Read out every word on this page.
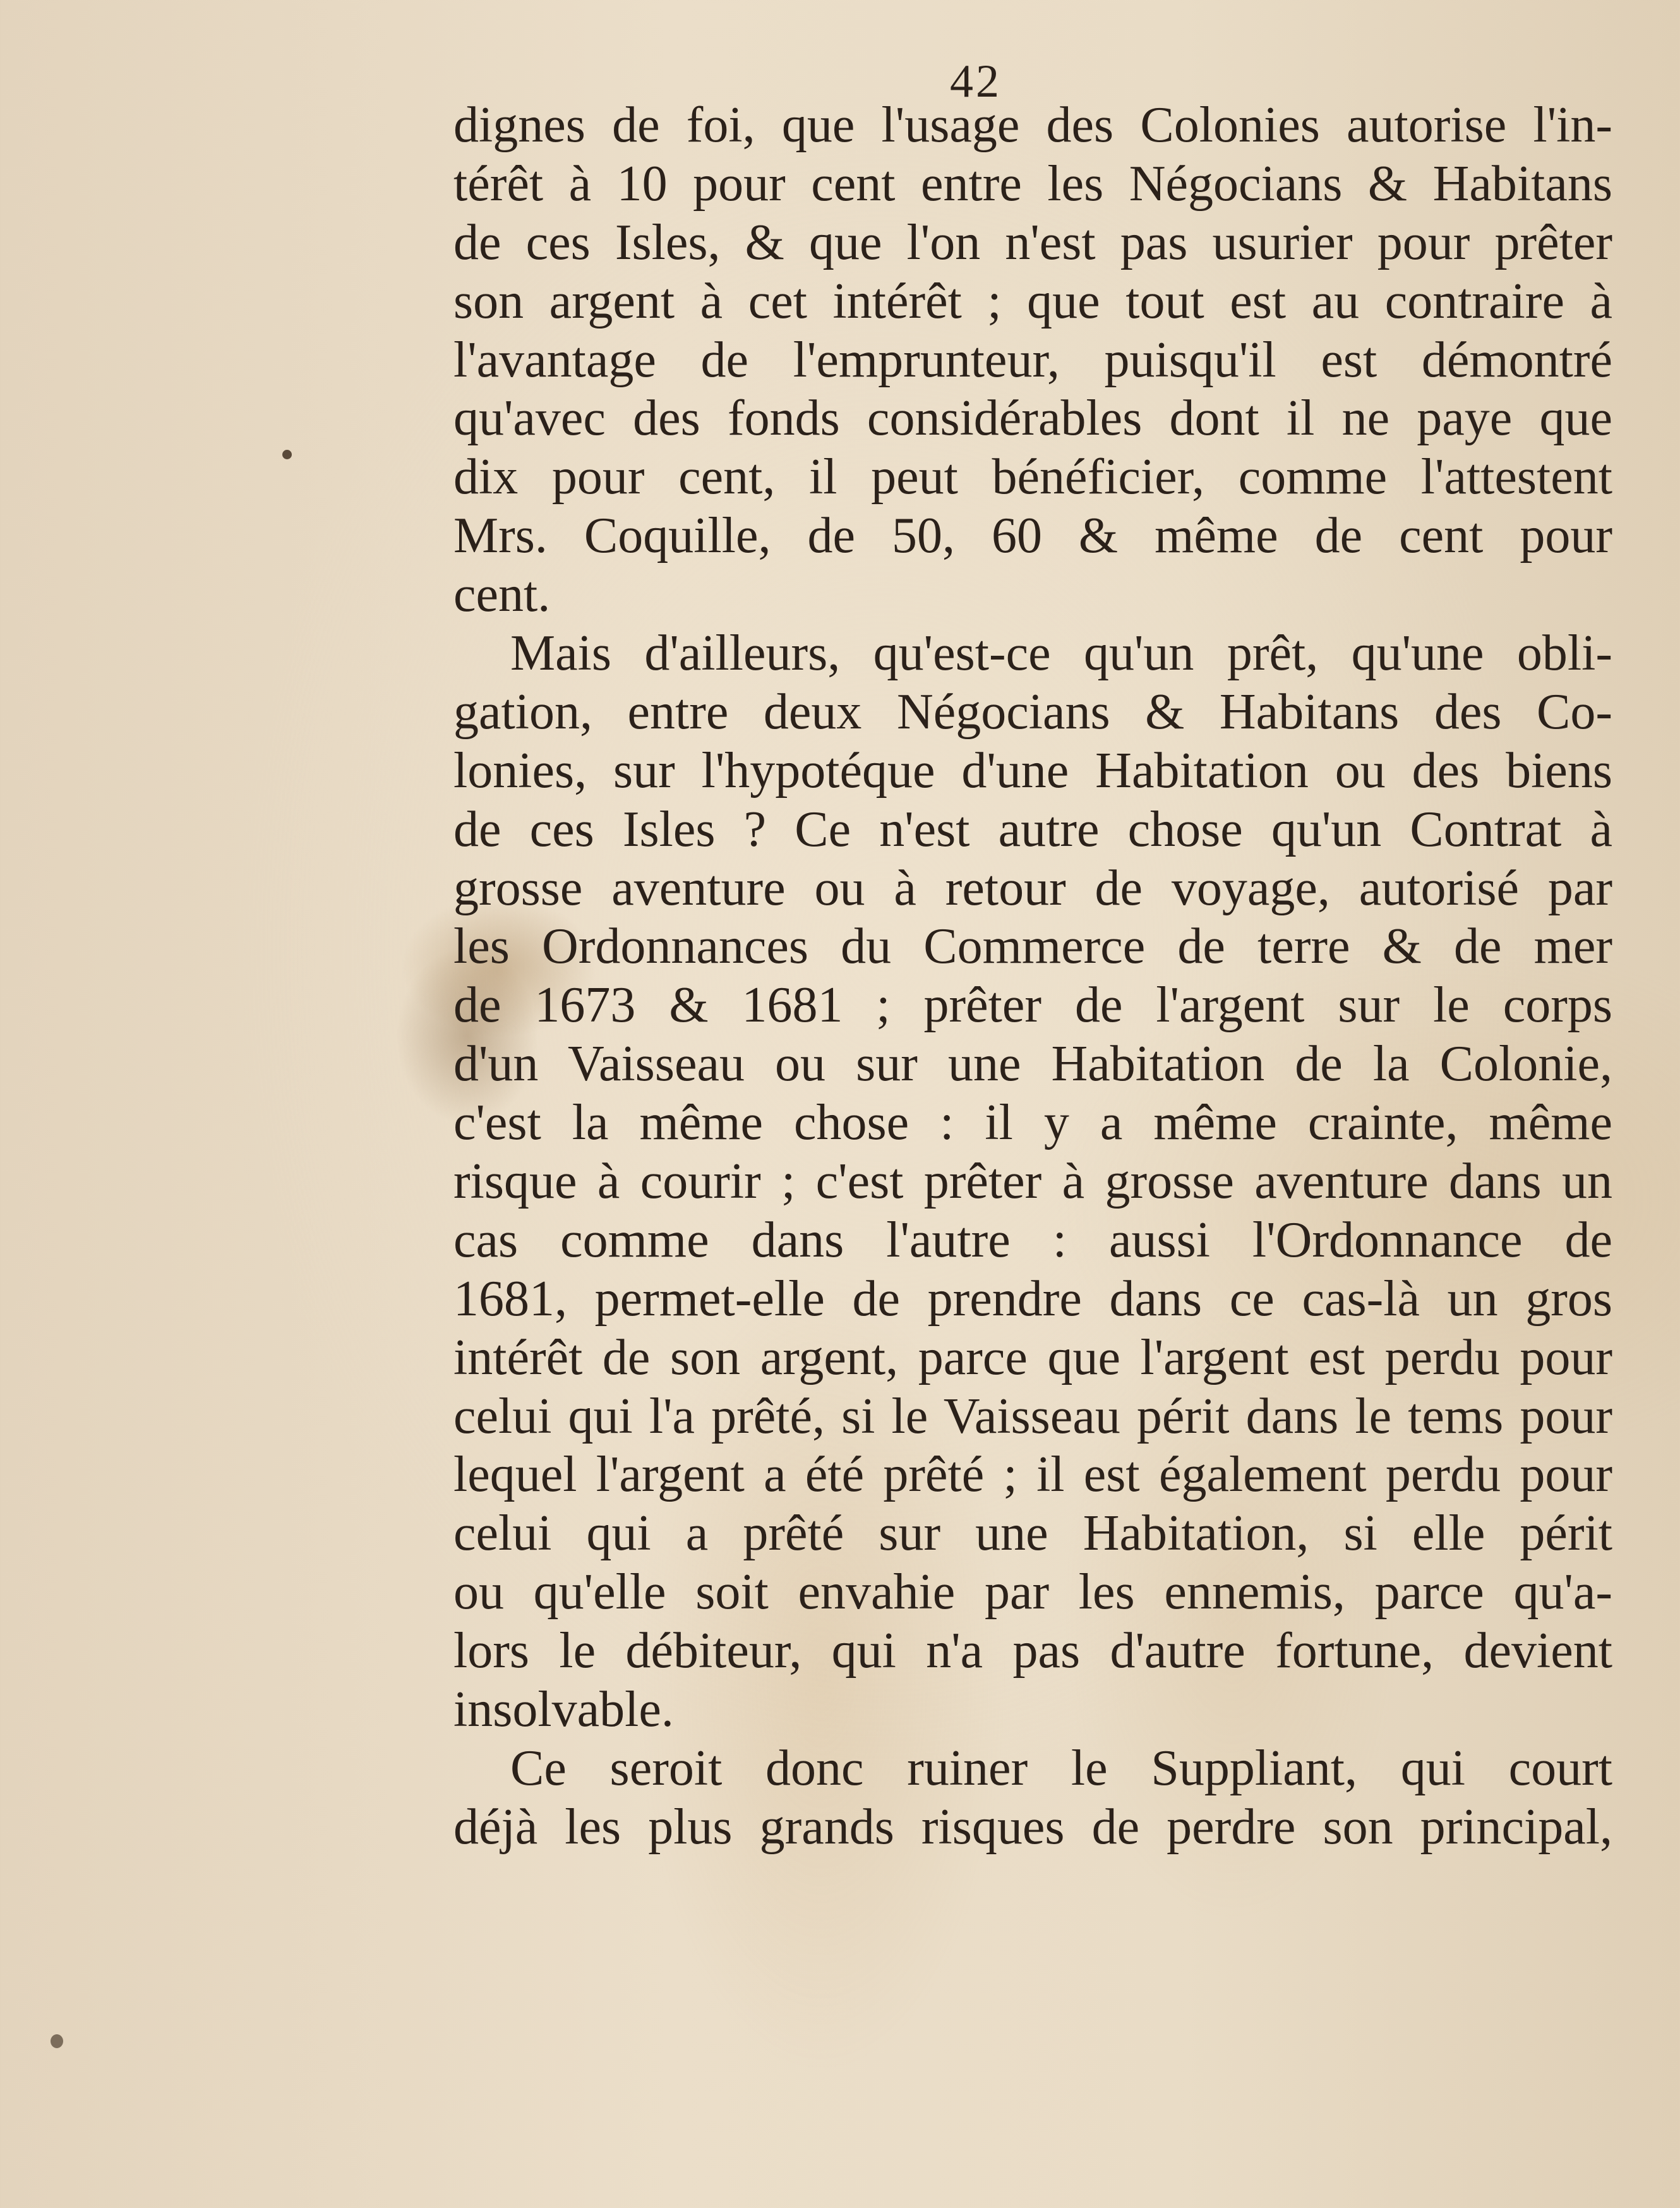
42
dignes de foi, que l'usage des Colonies autorise l'in-
térêt à 10 pour cent entre les Négocians & Habitans
de ces Isles, & que l'on n'est pas usurier pour prêter
son argent à cet intérêt ; que tout est au contraire à
l'avantage de l'emprunteur, puisqu'il est démontré
qu'avec des fonds considérables dont il ne paye que
dix pour cent, il peut bénéficier, comme l'attestent
Mrs. Coquille, de 50, 60 & même de cent pour
cent.
Mais d'ailleurs, qu'est-ce qu'un prêt, qu'une obli-
gation, entre deux Négocians & Habitans des Co-
lonies, sur l'hypotéque d'une Habitation ou des biens
de ces Isles ? Ce n'est autre chose qu'un Contrat à
grosse aventure ou à retour de voyage, autorisé par
les Ordonnances du Commerce de terre & de mer
de 1673 & 1681 ; prêter de l'argent sur le corps
d'un Vaisseau ou sur une Habitation de la Colonie,
c'est la même chose : il y a même crainte, même
risque à courir ; c'est prêter à grosse aventure dans un
cas comme dans l'autre : aussi l'Ordonnance de
1681, permet-elle de prendre dans ce cas-là un gros
intérêt de son argent, parce que l'argent est perdu pour
celui qui l'a prêté, si le Vaisseau périt dans le tems pour
lequel l'argent a été prêté ; il est également perdu pour
celui qui a prêté sur une Habitation, si elle périt
ou qu'elle soit envahie par les ennemis, parce qu'a-
lors le débiteur, qui n'a pas d'autre fortune, devient
insolvable.
Ce seroit donc ruiner le Suppliant, qui court
déjà les plus grands risques de perdre son principal,
